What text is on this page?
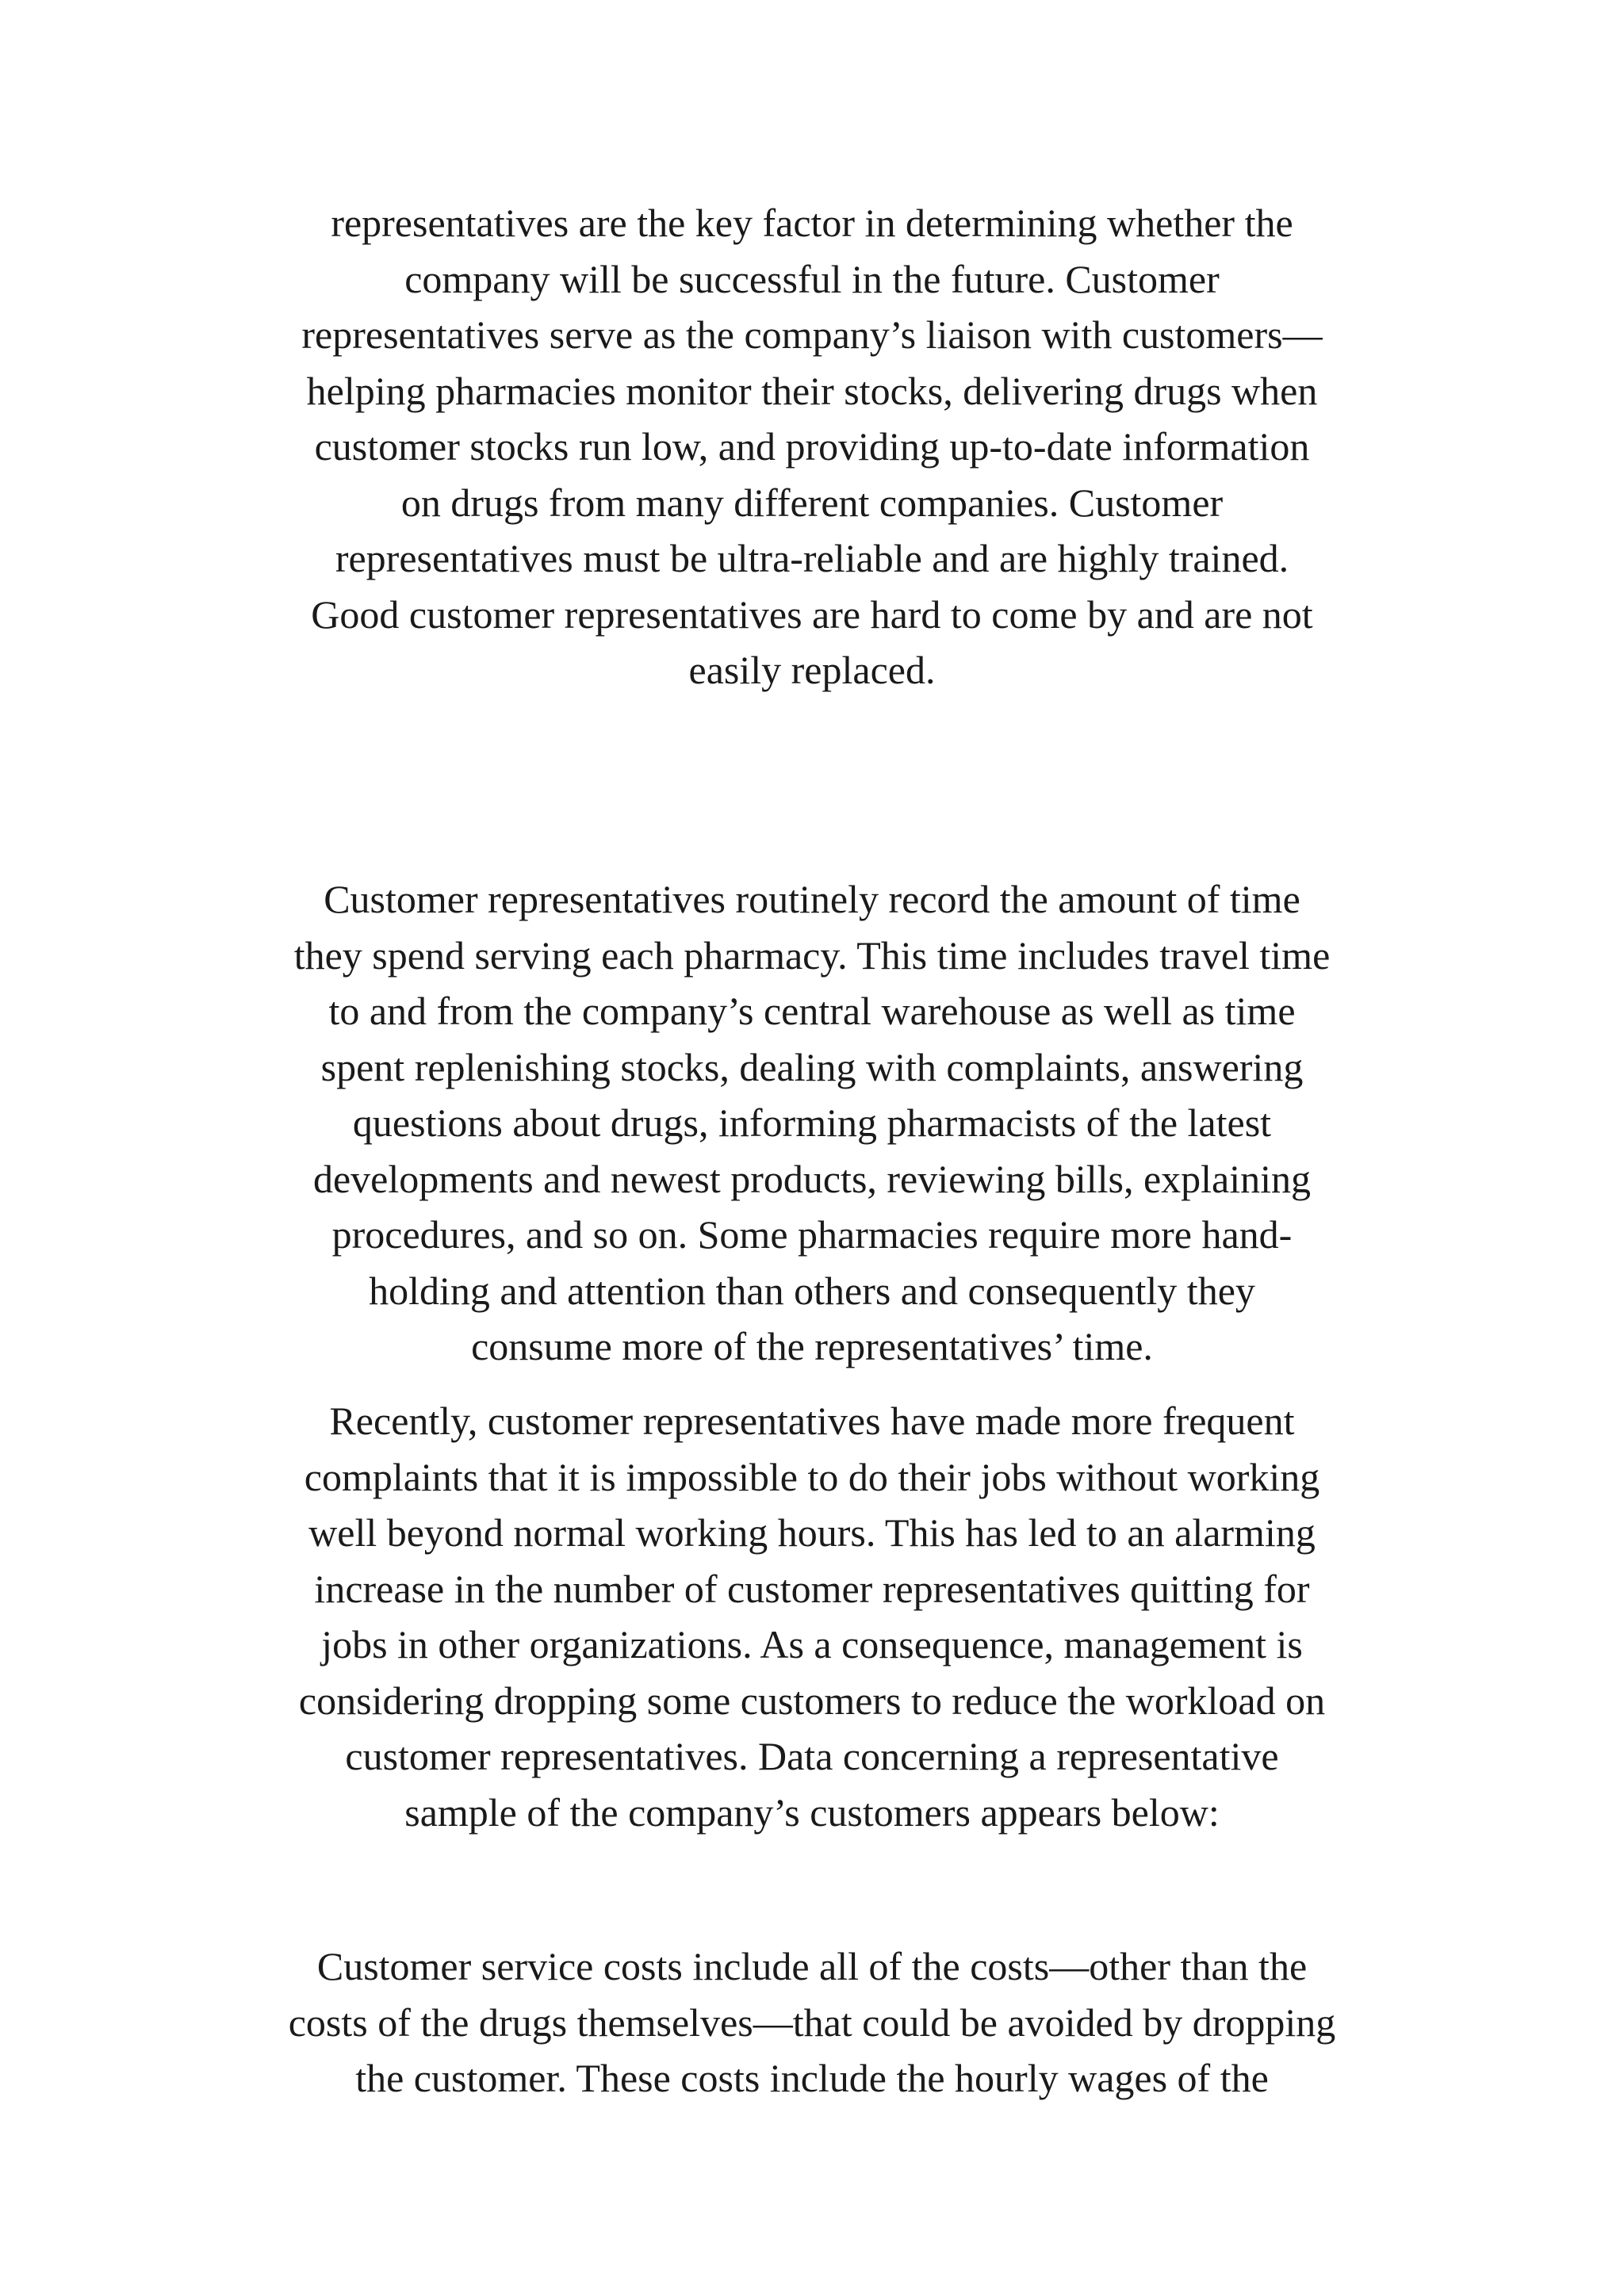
representatives are the key factor in determining whether the
company will be successful in the future. Customer
representatives serve as the company’s liaison with customers—
helping pharmacies monitor their stocks, delivering drugs when
customer stocks run low, and providing up-to-date information
on drugs from many different companies. Customer
representatives must be ultra-reliable and are highly trained.
Good customer representatives are hard to come by and are not
easily replaced.

Customer representatives routinely record the amount of time
they spend serving each pharmacy. This time includes travel time
to and from the company’s central warehouse as well as time
spent replenishing stocks, dealing with complaints, answering
questions about drugs, informing pharmacists of the latest
developments and newest products, reviewing bills, explaining
procedures, and so on. Some pharmacies require more hand-
holding and attention than others and consequently they
consume more of the representatives’ time.

Recently, customer representatives have made more frequent
complaints that it is impossible to do their jobs without working
well beyond normal working hours. This has led to an alarming
increase in the number of customer representatives quitting for
jobs in other organizations. As a consequence, management is
considering dropping some customers to reduce the workload on
customer representatives. Data concerning a representative
sample of the company’s customers appears below:

Customer service costs include all of the costs—other than the
costs of the drugs themselves—that could be avoided by dropping
the customer. These costs include the hourly wages of the
